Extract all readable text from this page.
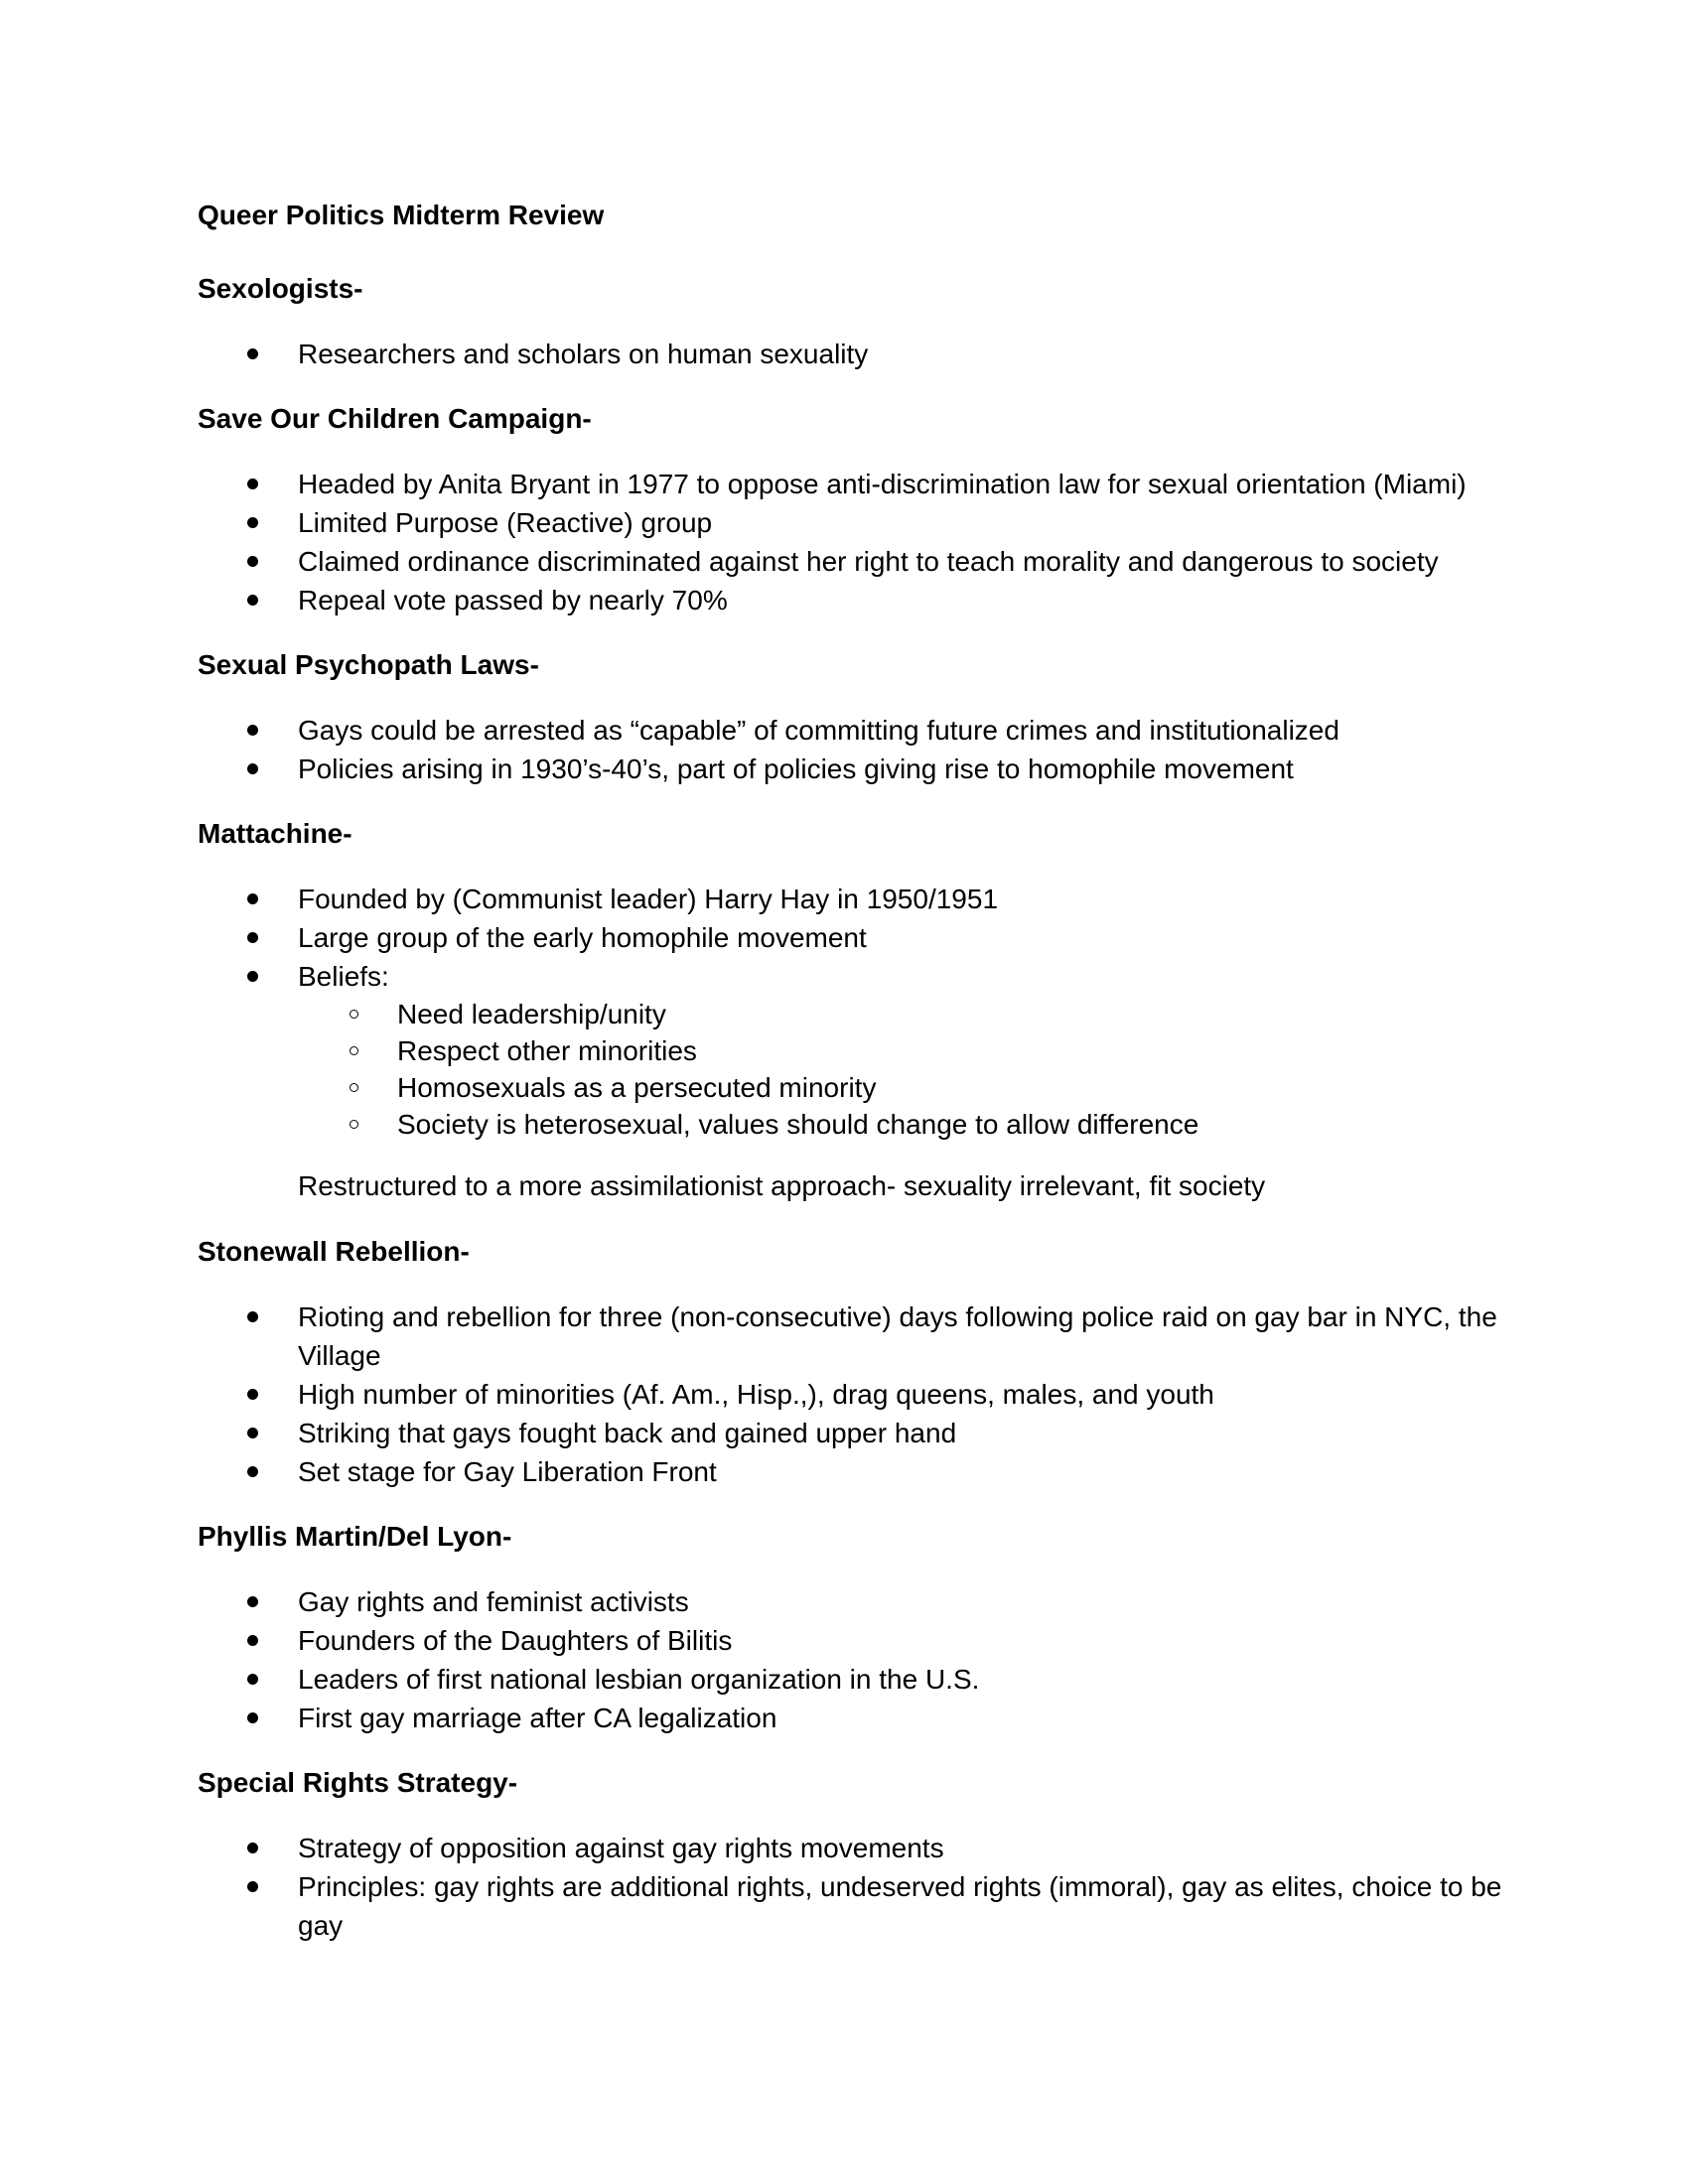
Queer Politics Midterm Review
Sexologists-
Researchers and scholars on human sexuality
Save Our Children Campaign-
Headed by Anita Bryant in 1977 to oppose anti-discrimination law for sexual orientation (Miami)
Limited Purpose (Reactive) group
Claimed ordinance discriminated against her right to teach morality and dangerous to society
Repeal vote passed by nearly 70%
Sexual Psychopath Laws-
Gays could be arrested as “capable” of committing future crimes and institutionalized
Policies arising in 1930’s-40’s, part of policies giving rise to homophile movement
Mattachine-
Founded by (Communist leader) Harry Hay in 1950/1951
Large group of the early homophile movement
Beliefs:
Need leadership/unity
Respect other minorities
Homosexuals as a persecuted minority
Society is heterosexual, values should change to allow difference
Restructured to a more assimilationist approach- sexuality irrelevant, fit society
Stonewall Rebellion-
Rioting and rebellion for three (non-consecutive) days following police raid on gay bar in NYC, the Village
High number of minorities (Af. Am., Hisp.,), drag queens, males, and youth
Striking that gays fought back and gained upper hand
Set stage for Gay Liberation Front
Phyllis Martin/Del Lyon-
Gay rights and feminist activists
Founders of the Daughters of Bilitis
Leaders of first national lesbian organization in the U.S.
First gay marriage after CA legalization
Special Rights Strategy-
Strategy of opposition against gay rights movements
Principles: gay rights are additional rights, undeserved rights (immoral), gay as elites, choice to be gay
